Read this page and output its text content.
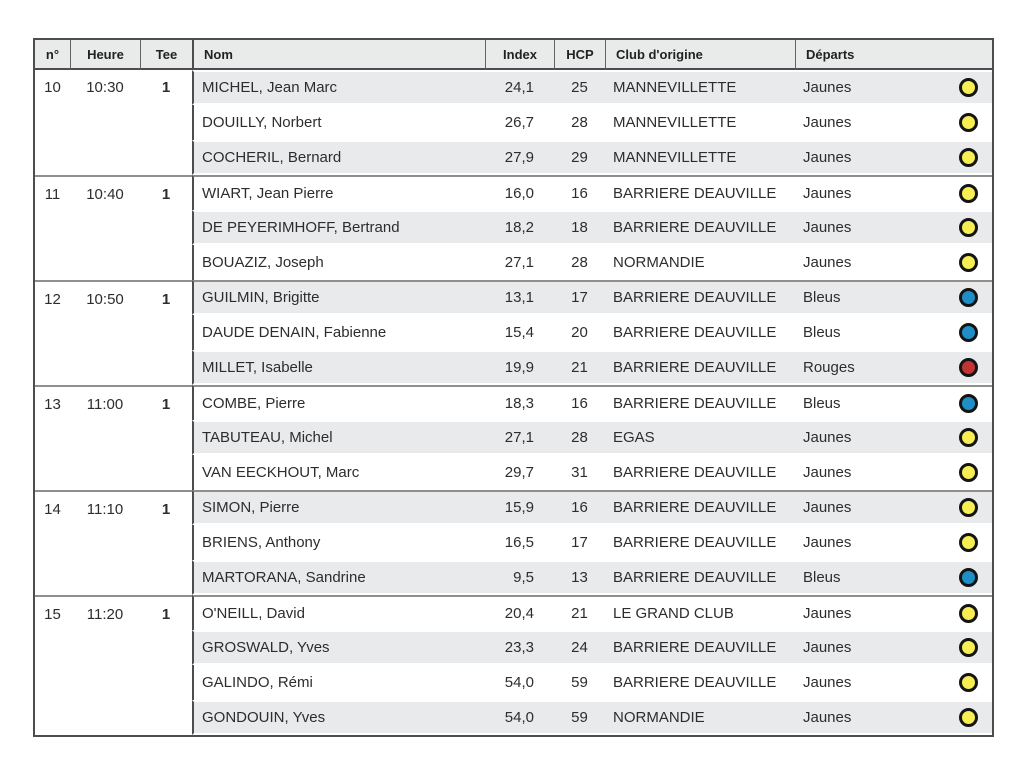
n°	Heure	Tee	Nom	Index	HCP	Club d'origine	Départs
10	10:30	1	MICHEL, Jean Marc	24,1	25	MANNEVILLETTE	Jaunes

			DOUILLY, Norbert	26,7	28	MANNEVILLETTE	Jaunes

			COCHERIL, Bernard	27,9	29	MANNEVILLETTE	Jaunes

11	10:40	1	WIART, Jean Pierre	16,0	16	BARRIERE DEAUVILLE	Jaunes

			DE PEYERIMHOFF, Bertrand	18,2	18	BARRIERE DEAUVILLE	Jaunes

			BOUAZIZ, Joseph	27,1	28	NORMANDIE	Jaunes

12	10:50	1	GUILMIN, Brigitte	13,1	17	BARRIERE DEAUVILLE	Bleus

			DAUDE DENAIN, Fabienne	15,4	20	BARRIERE DEAUVILLE	Bleus

			MILLET, Isabelle	19,9	21	BARRIERE DEAUVILLE	Rouges

13	11:00	1	COMBE, Pierre	18,3	16	BARRIERE DEAUVILLE	Bleus

			TABUTEAU, Michel	27,1	28	EGAS	Jaunes

			VAN EECKHOUT, Marc	29,7	31	BARRIERE DEAUVILLE	Jaunes

14	11:10	1	SIMON, Pierre	15,9	16	BARRIERE DEAUVILLE	Jaunes

			BRIENS, Anthony	16,5	17	BARRIERE DEAUVILLE	Jaunes

			MARTORANA, Sandrine	9,5	13	BARRIERE DEAUVILLE	Bleus

15	11:20	1	O'NEILL, David	20,4	21	LE GRAND CLUB	Jaunes

			GROSWALD, Yves	23,3	24	BARRIERE DEAUVILLE	Jaunes

			GALINDO, Rémi	54,0	59	BARRIERE DEAUVILLE	Jaunes

			GONDOUIN, Yves	54,0	59	NORMANDIE	Jaunes
